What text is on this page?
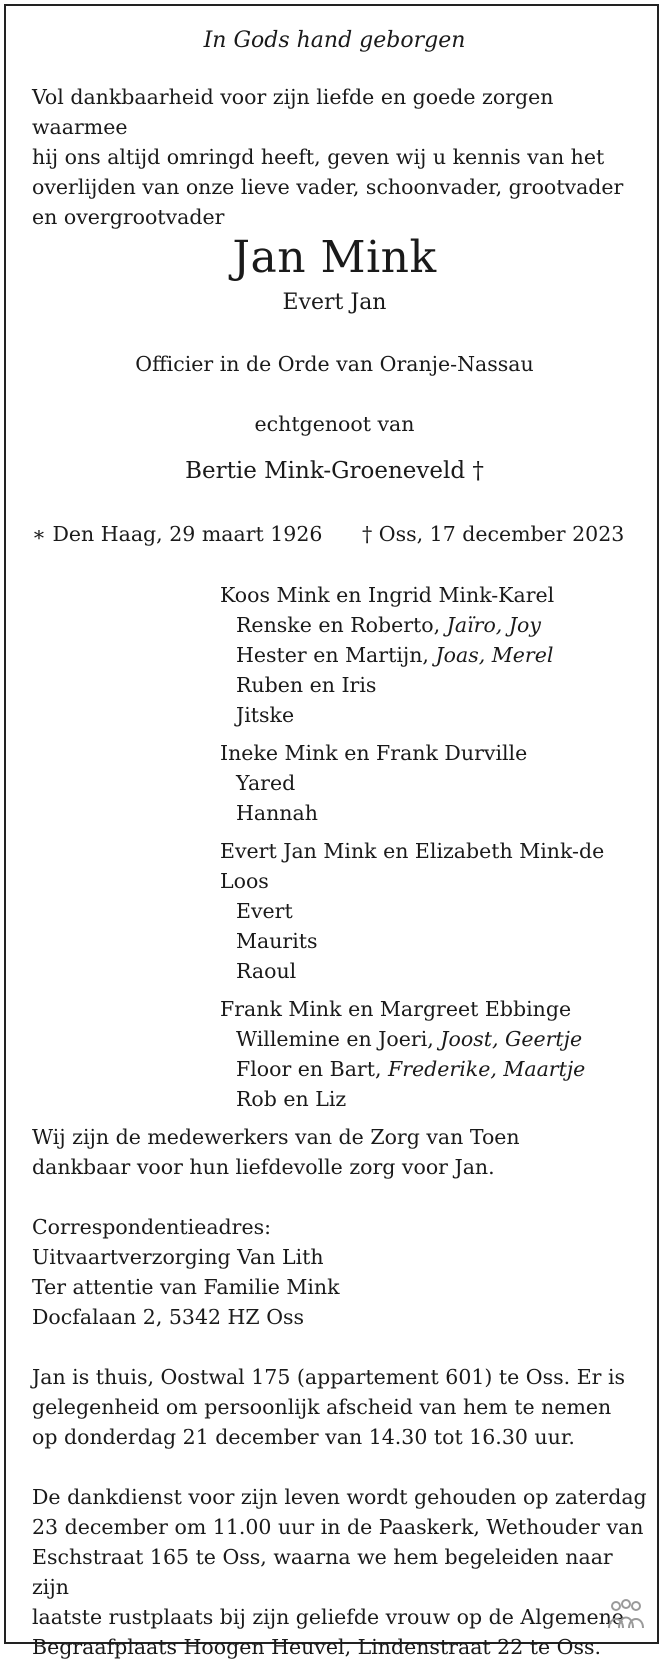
In Gods hand geborgen
Vol dankbaarheid voor zijn liefde en goede zorgen waarmee
hij ons altijd omringd heeft, geven wij u kennis van het
overlijden van onze lieve vader, schoonvader, grootvader
en overgrootvader
Jan Mink
Evert Jan
Officier in de Orde van Oranje-Nassau
echtgenoot van
Bertie Mink-Groeneveld †
∗ Den Haag, 29 maart 1926 † Oss, 17 december 2023
Koos Mink en Ingrid Mink-Karel
Renske en Roberto, Jaïro, Joy
Hester en Martijn, Joas, Merel
Ruben en Iris
Jitske
Ineke Mink en Frank Durville
Yared
Hannah
Evert Jan Mink en Elizabeth Mink-de Loos
Evert
Maurits
Raoul
Frank Mink en Margreet Ebbinge
Willemine en Joeri, Joost, Geertje
Floor en Bart, Frederike, Maartje
Rob en Liz
Wij zijn de medewerkers van de Zorg van Toen
dankbaar voor hun liefdevolle zorg voor Jan.
Correspondentieadres:
Uitvaartverzorging Van Lith
Ter attentie van Familie Mink
Docfalaan 2, 5342 HZ Oss
Jan is thuis, Oostwal 175 (appartement 601) te Oss. Er is
gelegenheid om persoonlijk afscheid van hem te nemen
op donderdag 21 december van 14.30 tot 16.30 uur.
De dankdienst voor zijn leven wordt gehouden op zaterdag
23 december om 11.00 uur in de Paaskerk, Wethouder van
Eschstraat 165 te Oss, waarna we hem begeleiden naar zijn
laatste rustplaats bij zijn geliefde vrouw op de Algemene
Begraafplaats Hoogen Heuvel, Lindenstraat 22 te Oss.
